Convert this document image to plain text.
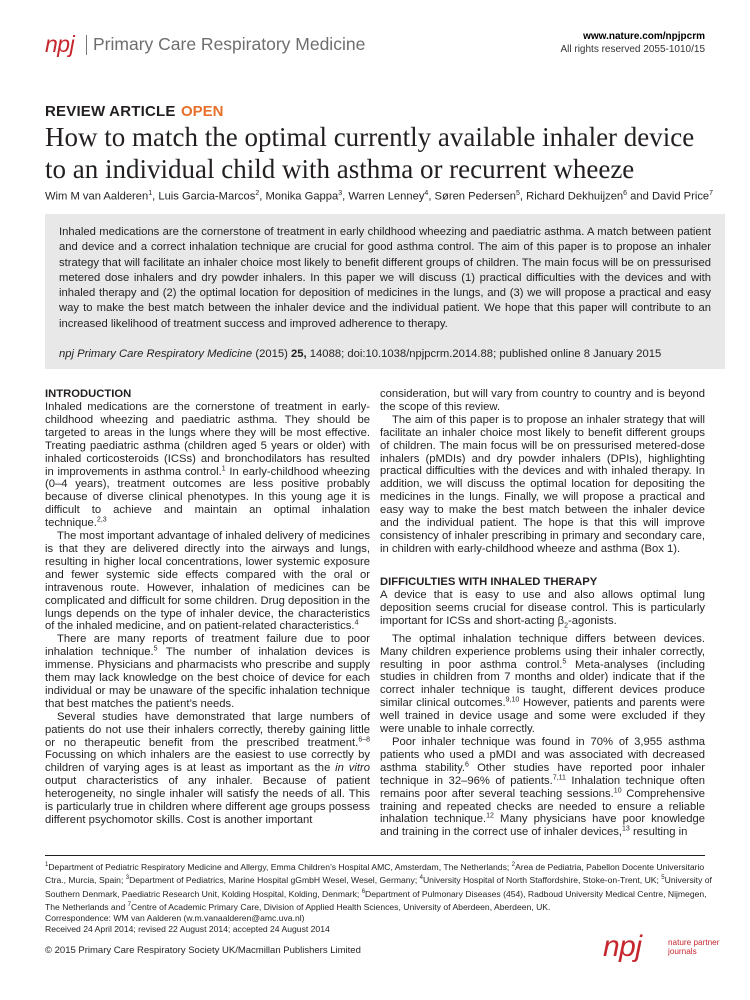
npj Primary Care Respiratory Medicine	www.nature.com/npjpcrm
All rights reserved 2055-1010/15
REVIEW ARTICLE OPEN
How to match the optimal currently available inhaler device to an individual child with asthma or recurrent wheeze
Wim M van Aalderen$^1$, Luis Garcia-Marcos$^2$, Monika Gappa$^3$, Warren Lenney$^4$, Søren Pedersen$^5$, Richard Dekhuijzen$^6$ and David Price$^7$

Inhaled medications are the cornerstone of treatment in early childhood wheezing and paediatric asthma. A match between patient and device and a correct inhalation technique are crucial for good asthma control. The aim of this paper is to propose an inhaler strategy that will facilitate an inhaler choice most likely to benefit different groups of children. The main focus will be on pressurised metered dose inhalers and dry powder inhalers. In this paper we will discuss (1) practical difficulties with the devices and with inhaled therapy and (2) the optimal location for deposition of medicines in the lungs, and (3) we will propose a practical and easy way to make the best match between the inhaler device and the individual patient. We hope that this paper will contribute to an increased likelihood of treatment success and improved adherence to therapy.

npj Primary Care Respiratory Medicine (2015) 25, 14088; doi:10.1038/npjpcrm.2014.88; published online 8 January 2015
INTRODUCTION

Inhaled medications are the cornerstone of treatment in early-childhood wheezing and paediatric asthma. They should be targeted to areas in the lungs where they will be most effective. Treating paediatric asthma (children aged 5 years or older) with inhaled corticosteroids (ICSs) and bronchodilators has resulted in improvements in asthma control.$^1$ In early-childhood wheezing (0–4 years), treatment outcomes are less positive probably because of diverse clinical phenotypes. In this young age it is difficult to achieve and maintain an optimal inhalation technique.$^{2,3}$

The most important advantage of inhaled delivery of medicines is that they are delivered directly into the airways and lungs, resulting in higher local concentrations, lower systemic exposure and fewer systemic side effects compared with the oral or intravenous route. However, inhalation of medicines can be complicated and difficult for some children. Drug deposition in the lungs depends on the type of inhaler device, the characteristics of the inhaled medicine, and on patient-related characteristics.$^4$

There are many reports of treatment failure due to poor inhalation technique.$^5$ The number of inhalation devices is immense. Physicians and pharmacists who prescribe and supply them may lack knowledge on the best choice of device for each individual or may be unaware of the specific inhalation technique that best matches the patient’s needs.

Several studies have demonstrated that large numbers of patients do not use their inhalers correctly, thereby gaining little or no therapeutic benefit from the prescribed treatment.$^{6-8}$ Focussing on which inhalers are the easiest to use correctly by children of varying ages is at least as important as the in vitro output characteristics of any inhaler. Because of patient heterogeneity, no single inhaler will satisfy the needs of all. This is particularly true in children where different age groups possess different psychomotor skills. Cost is another important

consideration, but will vary from country to country and is beyond the scope of this review.

The aim of this paper is to propose an inhaler strategy that will facilitate an inhaler choice most likely to benefit different groups of children. The main focus will be on pressurised metered-dose inhalers (pMDIs) and dry powder inhalers (DPIs), highlighting practical difficulties with the devices and with inhaled therapy. In addition, we will discuss the optimal location for depositing the medicines in the lungs. Finally, we will propose a practical and easy way to make the best match between the inhaler device and the individual patient. The hope is that this will improve consistency of inhaler prescribing in primary and secondary care, in children with early-childhood wheeze and asthma (Box 1).

DIFFICULTIES WITH INHALED THERAPY

A device that is easy to use and also allows optimal lung deposition seems crucial for disease control. This is particularly important for ICSs and short-acting $\beta_2$-agonists.

The optimal inhalation technique differs between devices. Many children experience problems using their inhaler correctly, resulting in poor asthma control.$^5$ Meta-analyses (including studies in children from 7 months and older) indicate that if the correct inhaler technique is taught, different devices produce similar clinical outcomes.$^{9,10}$ However, patients and parents were well trained in device usage and some were excluded if they were unable to inhale correctly.

Poor inhaler technique was found in 70% of 3,955 asthma patients who used a pMDI and was associated with decreased asthma stability.$^6$ Other studies have reported poor inhaler technique in 32–96% of patients.$^{7,11}$ Inhalation technique often remains poor after several teaching sessions.$^{10}$ Comprehensive training and repeated checks are needed to ensure a reliable inhalation technique.$^{12}$ Many physicians have poor knowledge and training in the correct use of inhaler devices,$^{13}$ resulting in

$^1$Department of Pediatric Respiratory Medicine and Allergy, Emma Children’s Hospital AMC, Amsterdam, The Netherlands; $^2$Area de Pediatria, Pabellon Docente Universitario Ctra., Murcia, Spain; $^3$Department of Pediatrics, Marine Hospital gGmbH Wesel, Wesel, Germany; $^4$University Hospital of North Staffordshire, Stoke-on-Trent, UK; $^5$University of Southern Denmark, Paediatric Research Unit, Kolding Hospital, Kolding, Denmark; $^6$Department of Pulmonary Diseases (454), Radboud University Medical Centre, Nijmegen, The Netherlands and $^7$Centre of Academic Primary Care, Division of Applied Health Sciences, University of Aberdeen, Aberdeen, UK.

Correspondence: WM van Aalderen (w.m.vanaalderen@amc.uva.nl)

Received 24 April 2014; revised 22 August 2014; accepted 24 August 2014

© 2015 Primary Care Respiratory Society UK/Macmillan Publishers Limited	npj	nature partner
journals
